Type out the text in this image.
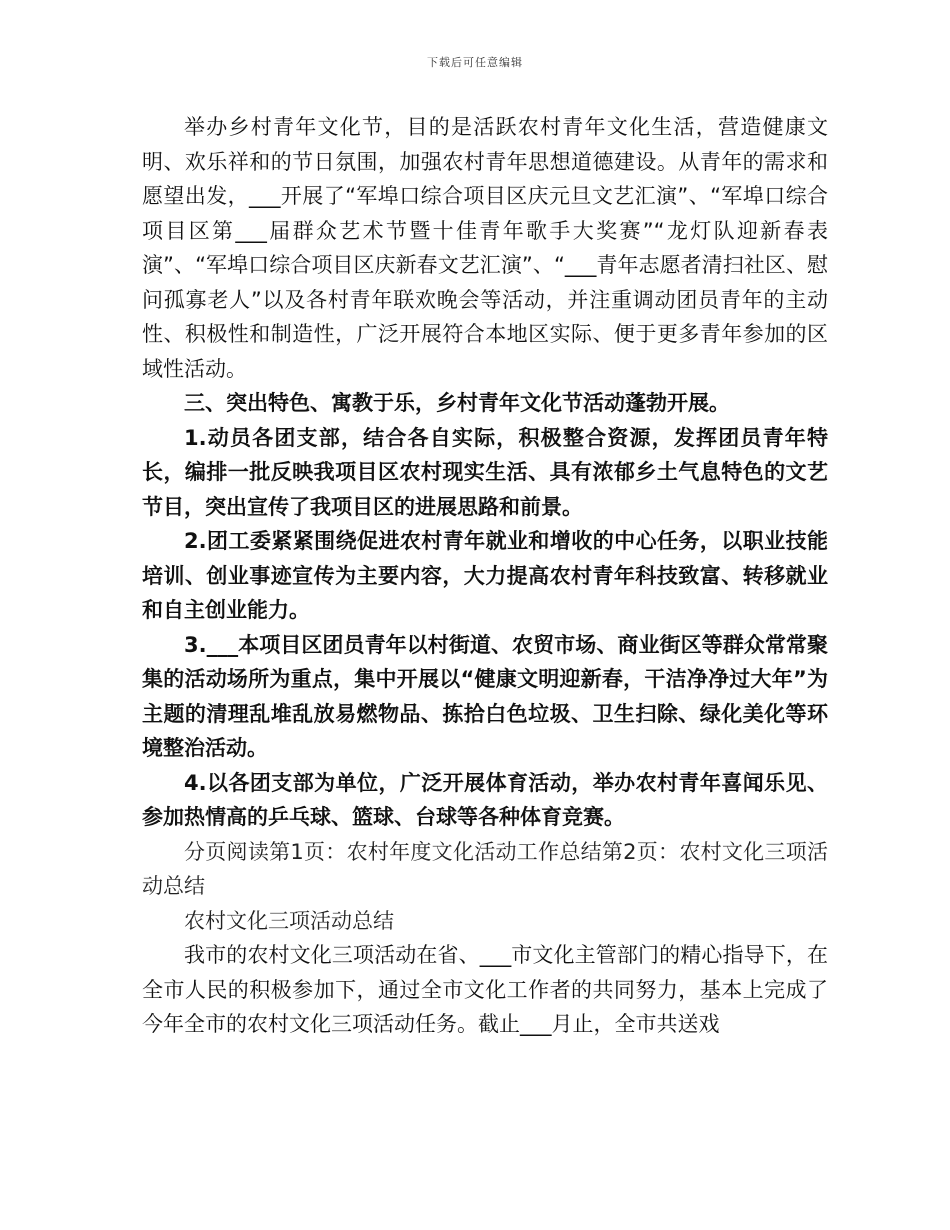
下载后可任意编辑

举办乡村青年文化节，目的是活跃农村青年文化生活，营造健康文明、欢乐祥和的节日氛围，加强农村青年思想道德建设。从青年的需求和愿望出发，___开展了“军埠口综合项目区庆元旦文艺汇演”、“军埠口综合项目区第___届群众艺术节暨十佳青年歌手大奖赛”“龙灯队迎新春表演”、“军埠口综合项目区庆新春文艺汇演”、“___青年志愿者清扫社区、慰问孤寡老人”以及各村青年联欢晚会等活动，并注重调动团员青年的主动性、积极性和制造性，广泛开展符合本地区实际、便于更多青年参加的区域性活动。

三、突出特色、寓教于乐，乡村青年文化节活动蓬勃开展。

1.动员各团支部，结合各自实际，积极整合资源，发挥团员青年特长，编排一批反映我项目区农村现实生活、具有浓郁乡土气息特色的文艺节目，突出宣传了我项目区的进展思路和前景。

2.团工委紧紧围绕促进农村青年就业和增收的中心任务，以职业技能培训、创业事迹宣传为主要内容，大力提高农村青年科技致富、转移就业和自主创业能力。

3.___本项目区团员青年以村街道、农贸市场、商业街区等群众常常聚集的活动场所为重点，集中开展以“健康文明迎新春，干洁净净过大年”为主题的清理乱堆乱放易燃物品、拣拾白色垃圾、卫生扫除、绿化美化等环境整治活动。

4.以各团支部为单位，广泛开展体育活动，举办农村青年喜闻乐见、参加热情高的乒乓球、篮球、台球等各种体育竞赛。

分页阅读第1页：农村年度文化活动工作总结第2页：农村文化三项活动总结

农村文化三项活动总结

我市的农村文化三项活动在省、___市文化主管部门的精心指导下，在全市人民的积极参加下，通过全市文化工作者的共同努力，基本上完成了今年全市的农村文化三项活动任务。截止___月止，全市共送戏
